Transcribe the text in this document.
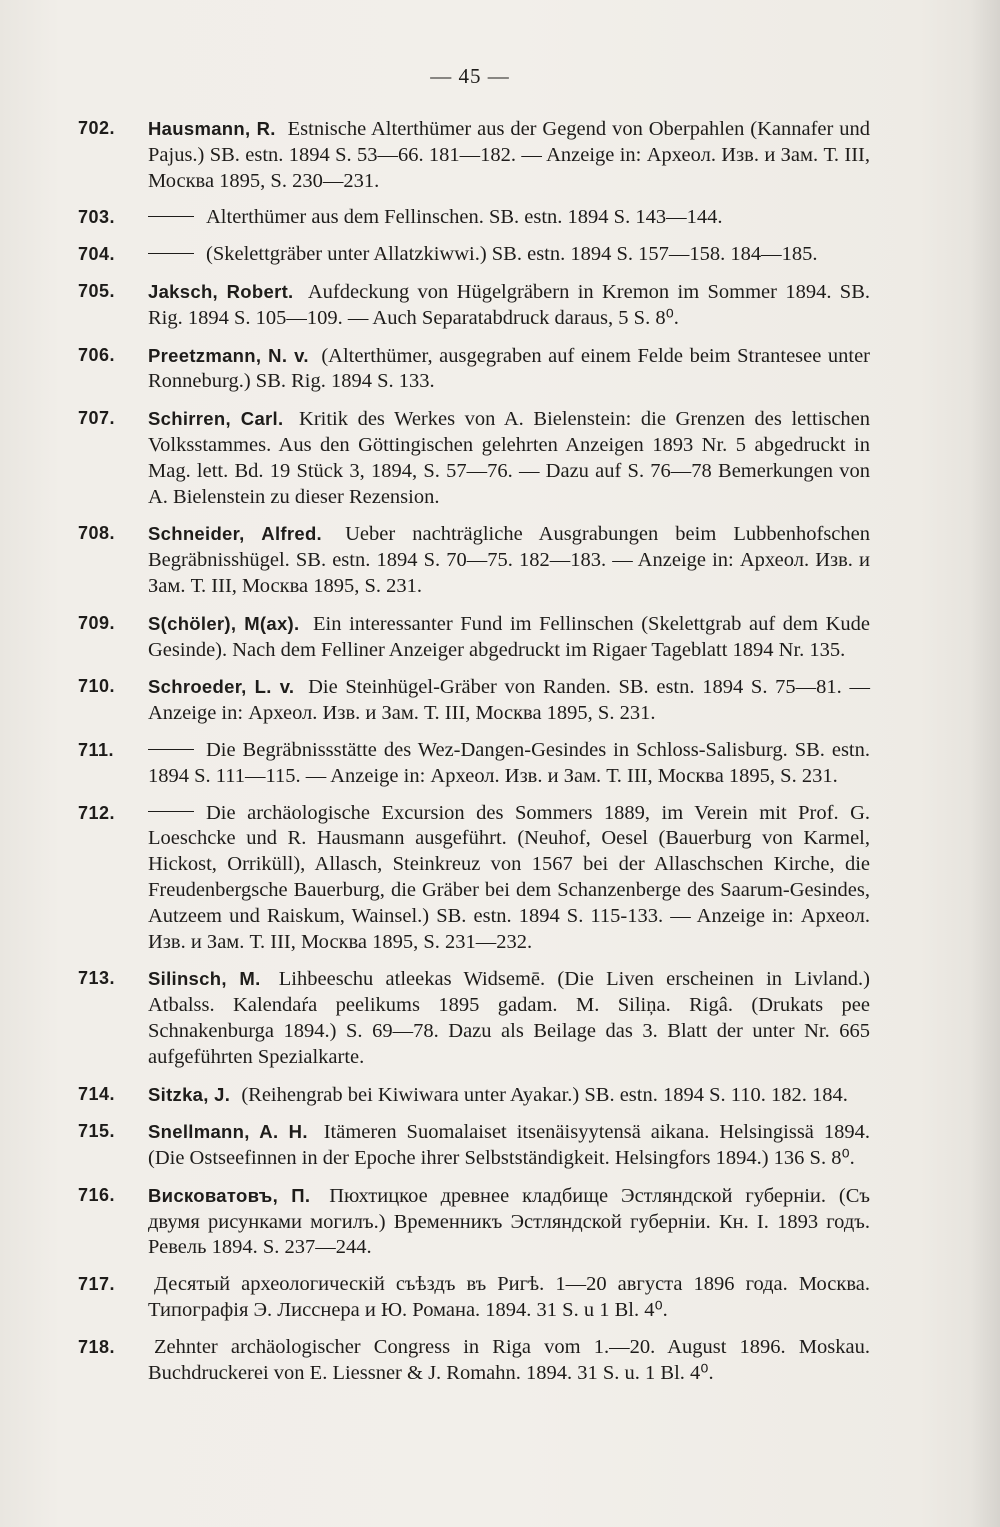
— 45 —
702. Hausmann, R. Estnische Alterthümer aus der Gegend von Oberpahlen (Kannafer und Pajus.) SB. estn. 1894 S. 53—66. 181—182. — Anzeige in: Археол. Изв. и Зам. Т. III, Москва 1895, S. 230—231.
703.	Alterthümer aus dem Fellinschen. SB. estn. 1894 S. 143—144.
704.	(Skelettgräber unter Allatzkiwwi.) SB. estn. 1894 S. 157—158. 184—185.
705. Jaksch, Robert. Aufdeckung von Hügelgräbern in Kremon im Sommer 1894. SB. Rig. 1894 S. 105—109. — Auch Separatabdruck daraus, 5 S. 8⁰.
706. Preetzmann, N. v. (Alterthümer, ausgegraben auf einem Felde beim Strantesee unter Ronneburg.) SB. Rig. 1894 S. 133.
707. Schirren, Carl. Kritik des Werkes von A. Bielenstein: die Grenzen des lettischen Volksstammes. Aus den Göttingischen gelehrten Anzeigen 1893 Nr. 5 abgedruckt in Mag. lett. Bd. 19 Stück 3, 1894, S. 57—76. — Dazu auf S. 76—78 Bemerkungen von A. Bielenstein zu dieser Rezension.
708. Schneider, Alfred. Ueber nachträgliche Ausgrabungen beim Lubbenhofschen Begräbnisshügel. SB. estn. 1894 S. 70—75. 182—183. — Anzeige in: Археол. Изв. и Зам. Т. III, Москва 1895, S. 231.
709. S(chöler), M(ax). Ein interessanter Fund im Fellinschen (Skelettgrab auf dem Kude Gesinde). Nach dem Felliner Anzeiger abgedruckt im Rigaer Tageblatt 1894 Nr. 135.
710. Schroeder, L. v. Die Steinhügel-Gräber von Randen. SB. estn. 1894 S. 75—81. — Anzeige in: Археол. Изв. и Зам. Т. III, Москва 1895, S. 231.
711.	Die Begräbnissstätte des Wez-Dangen-Gesindes in Schloss-Salisburg. SB. estn. 1894 S. 111—115. — Anzeige in: Археол. Изв. и Зам. Т. III, Москва 1895, S. 231.
712.	Die archäologische Excursion des Sommers 1889, im Verein mit Prof. G. Loeschcke und R. Hausmann ausgeführt. (Neuhof, Oesel (Bauerburg von Karmel, Hickost, Orriküll), Allasch, Steinkreuz von 1567 bei der Allaschschen Kirche, die Freudenbergsche Bauerburg, die Gräber bei dem Schanzenberge des Saarum-Gesindes, Autzeem und Raiskum, Wainsel.) SB. estn. 1894 S. 115-133. — Anzeige in: Археол. Изв. и Зам. Т. III, Москва 1895, S. 231—232.
713. Silinsch, M. Lihbeeschu atleekas Widsemē. (Die Liven erscheinen in Livland.) Atbalss. Kalendaŕa peelikums 1895 gadam. M. Siliņa. Rigâ. (Drukats pee Schnakenburga 1894.) S. 69—78. Dazu als Beilage das 3. Blatt der unter Nr. 665 aufgeführten Spezialkarte.
714. Sitzka, J. (Reihengrab bei Kiwiwara unter Ayakar.) SB. estn. 1894 S. 110. 182. 184.
715. Snellmann, A. H. Itämeren Suomalaiset itsenäisyytensä aikana. Helsingissä 1894. (Die Ostseefinnen in der Epoche ihrer Selbstständigkeit. Helsingfors 1894.) 136 S. 8⁰.
716. Висковатовъ, П. Пюхтицкое древнее кладбище Эстляндской губерніи. (Съ двумя рисунками могилъ.) Временникъ Эстляндской губерніи. Кн. I. 1893 годъ. Ревель 1894. S. 237—244.
717. Десятый археологическій съѣздъ въ Ригѣ. 1—20 августа 1896 года. Москва. Типографія Э. Лисснера и Ю. Романа. 1894. 31 S. u 1 Bl. 4⁰.
718. Zehnter archäologischer Congress in Riga vom 1.—20. August 1896. Moskau. Buchdruckerei von E. Liessner & J. Romahn. 1894. 31 S. u. 1 Bl. 4⁰.
